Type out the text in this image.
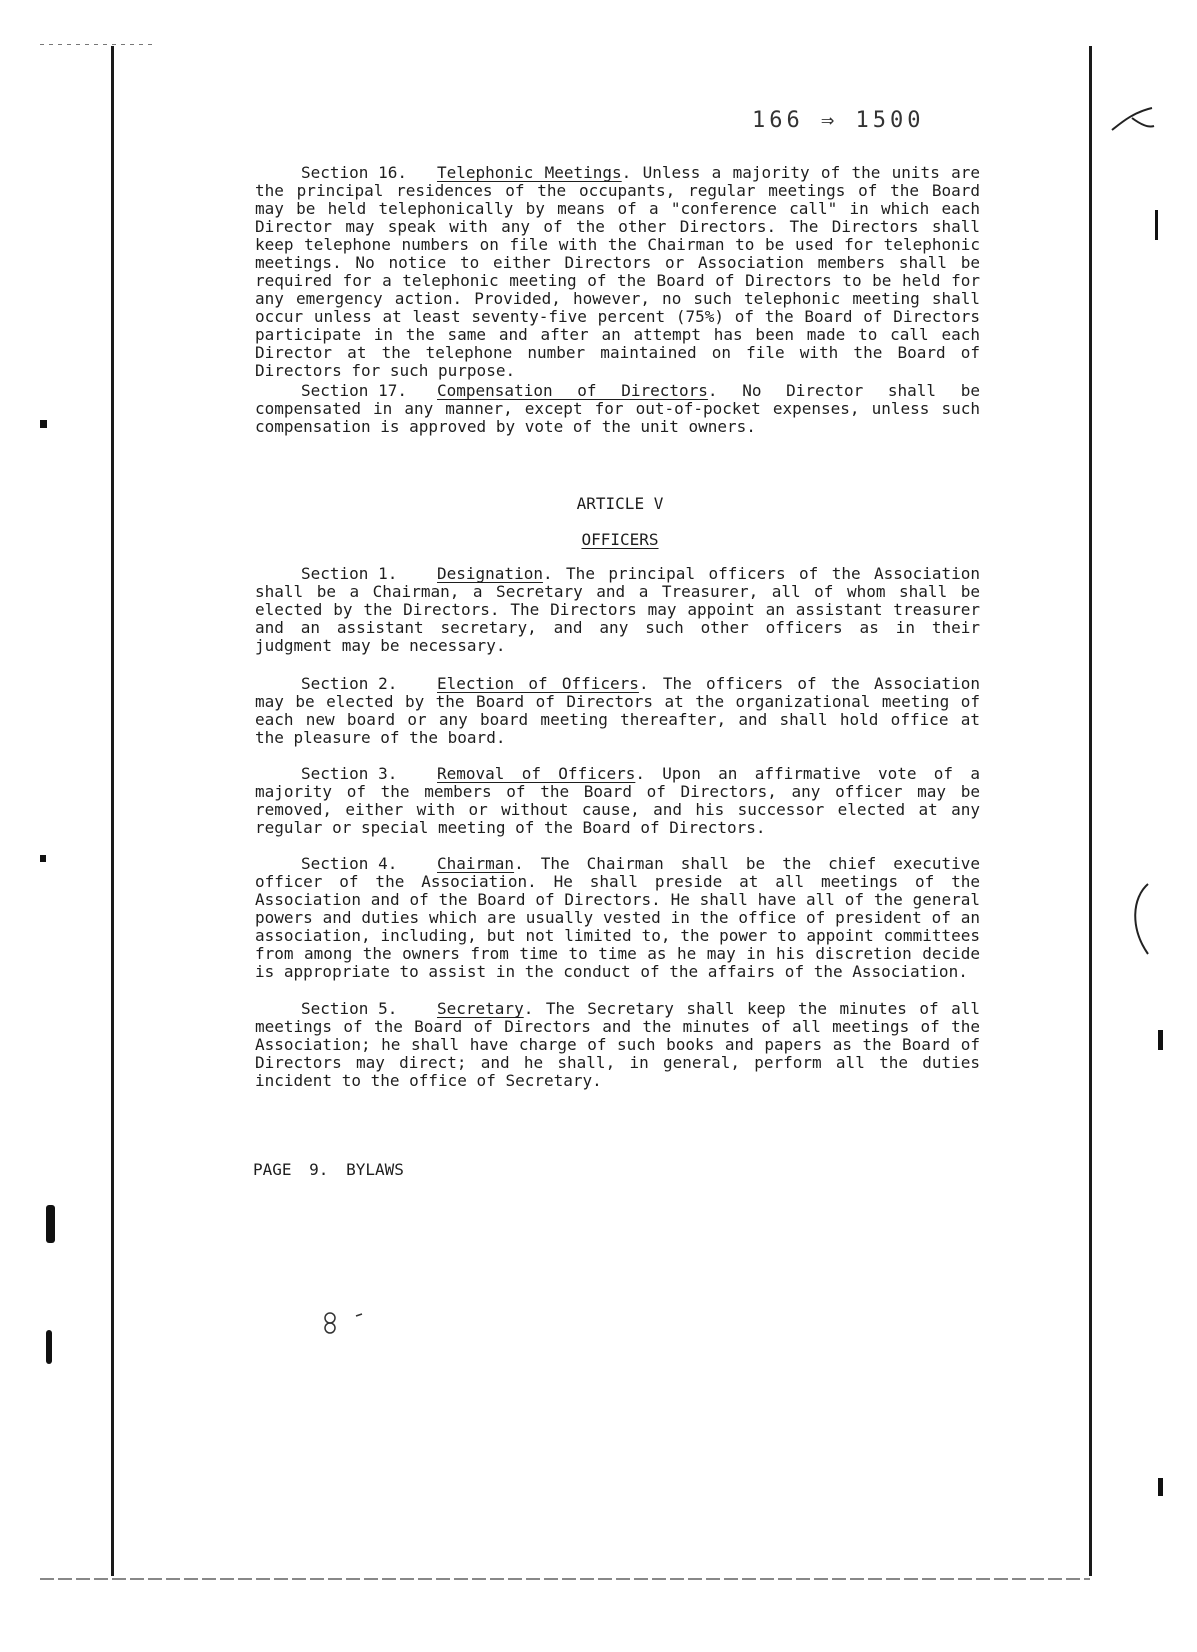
166 ⇒ 1500

Section 16. Telephonic Meetings. Unless a majority of the units are the principal residences of the occupants, regular meetings of the Board may be held telephonically by means of a "conference call" in which each Director may speak with any of the other Directors. The Directors shall keep telephone numbers on file with the Chairman to be used for telephonic meetings. No notice to either Directors or Association members shall be required for a telephonic meeting of the Board of Directors to be held for any emergency action. Provided, however, no such telephonic meeting shall occur unless at least seventy-five percent (75%) of the Board of Directors participate in the same and after an attempt has been made to call each Director at the telephone number maintained on file with the Board of Directors for such purpose.

Section 17. Compensation of Directors. No Director shall be compensated in any manner, except for out-of-pocket expenses, unless such compensation is approved by vote of the unit owners.

ARTICLE V

OFFICERS

Section 1. Designation. The principal officers of the Association shall be a Chairman, a Secretary and a Treasurer, all of whom shall be elected by the Directors. The Directors may appoint an assistant treasurer and an assistant secretary, and any such other officers as in their judgment may be necessary.

Section 2. Election of Officers. The officers of the Association may be elected by the Board of Directors at the organizational meeting of each new board or any board meeting thereafter, and shall hold office at the pleasure of the board.

Section 3. Removal of Officers. Upon an affirmative vote of a majority of the members of the Board of Directors, any officer may be removed, either with or without cause, and his successor elected at any regular or special meeting of the Board of Directors.

Section 4. Chairman. The Chairman shall be the chief executive officer of the Association. He shall preside at all meetings of the Association and of the Board of Directors. He shall have all of the general powers and duties which are usually vested in the office of president of an association, including, but not limited to, the power to appoint committees from among the owners from time to time as he may in his discretion decide is appropriate to assist in the conduct of the affairs of the Association.

Section 5. Secretary. The Secretary shall keep the minutes of all meetings of the Board of Directors and the minutes of all meetings of the Association; he shall have charge of such books and papers as the Board of Directors may direct; and he shall, in general, perform all the duties incident to the office of Secretary.

PAGE 9. BYLAWS
